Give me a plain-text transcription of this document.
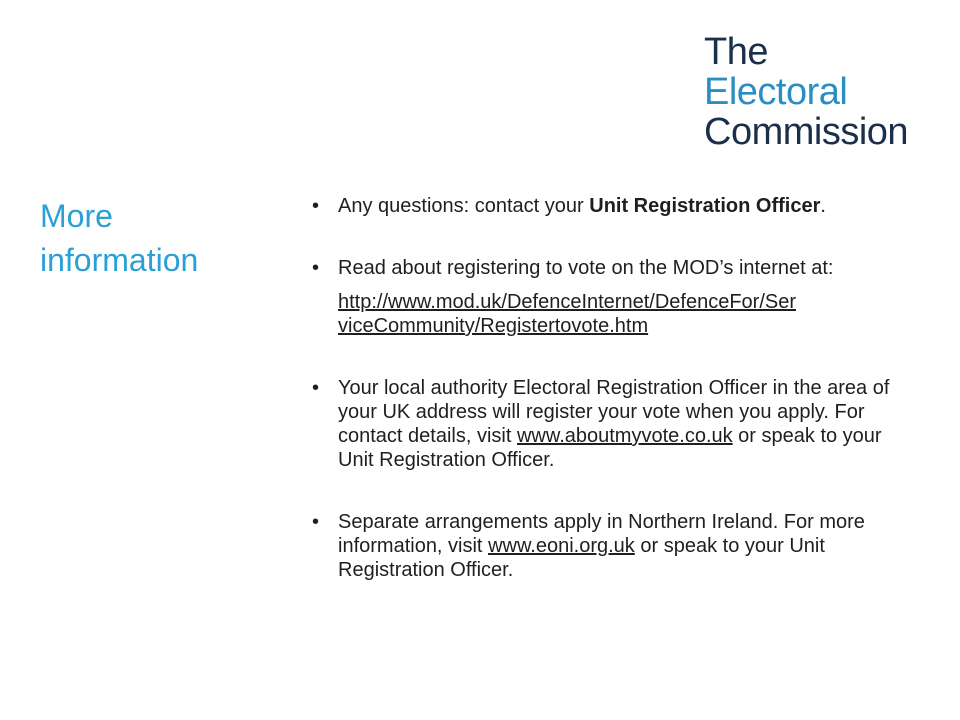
The
Electoral
Commission
More
information
• Any questions: contact your Unit Registration Officer.
• Read about registering to vote on the MOD’s internet at:
http://www.mod.uk/DefenceInternet/DefenceFor/Ser
viceCommunity/Registertovote.htm
• Your local authority Electoral Registration Officer in the area of your UK address will register your vote when you apply. For contact details, visit www.aboutmyvote.co.uk or speak to your Unit Registration Officer.
• Separate arrangements apply in Northern Ireland. For more information, visit www.eoni.org.uk or speak to your Unit Registration Officer.
